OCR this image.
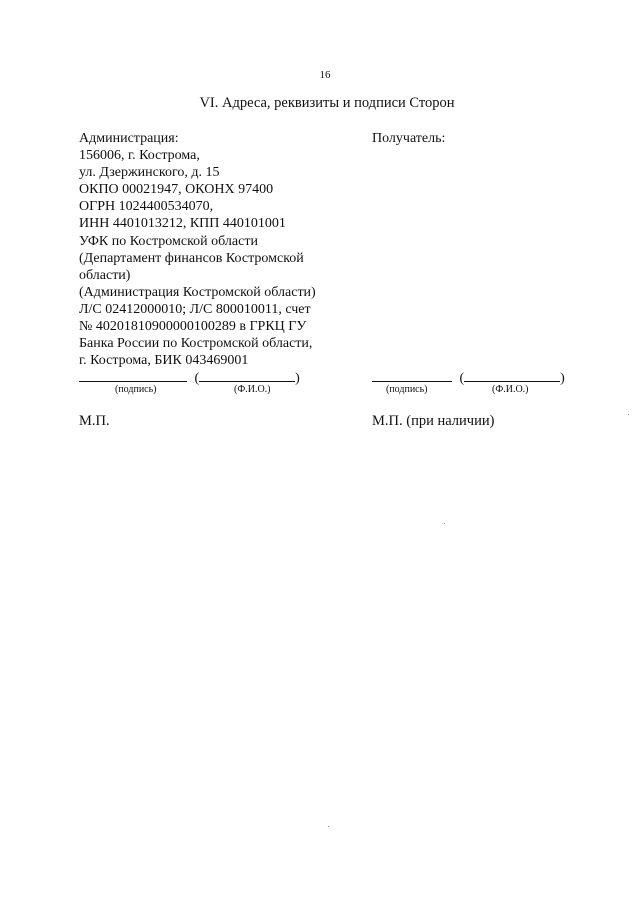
16
VI. Адреса, реквизиты и подписи Сторон
Администрация:
156006, г. Кострома,
ул. Дзержинского, д. 15
ОКПО 00021947, ОКОНХ 97400
ОГРН 1024400534070,
ИНН 4401013212, КПП 440101001
УФК по Костромской области
(Департамент финансов Костромской
области)
(Администрация Костромской области)
Л/С 02412000010; Л/С 800010011, счет
№ 40201810900000100289 в ГРКЦ ГУ
Банка России по Костромской области,
г. Кострома, БИК 043469001
Получатель:
(	)
(подпись)	(Ф.И.О.)
(	)
(подпись)	(Ф.И.О.)
М.П.	М.П. (при наличии)
